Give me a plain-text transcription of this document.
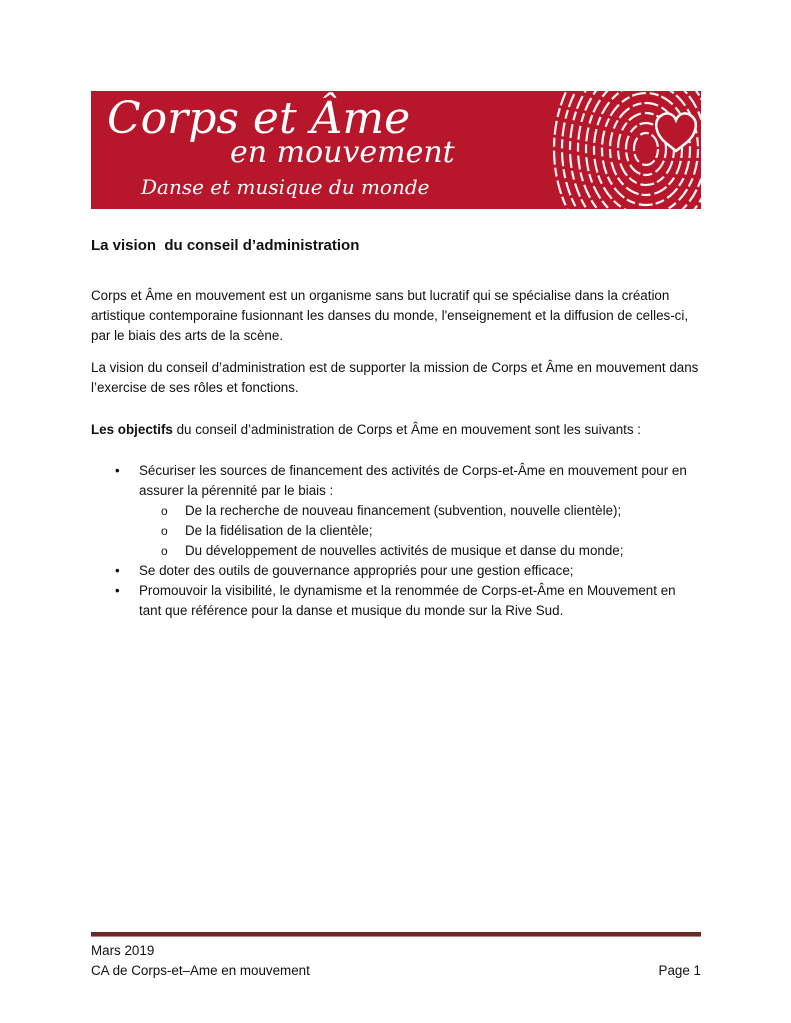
Corps et Âme
en mouvement
Danse et musique du monde
La vision  du conseil d’administration

Corps et Âme en mouvement est un organisme sans but lucratif qui se spécialise dans la création artistique contemporaine fusionnant les danses du monde, l'enseignement et la diffusion de celles-ci, par le biais des arts de la scène.

La vision du conseil d’administration est de supporter la mission de Corps et Âme en mouvement dans l’exercise de ses rôles et fonctions.

Les objectifs du conseil d’administration de Corps et Âme en mouvement sont les suivants :

• Sécuriser les sources de financement des activités de Corps-et-Âme en mouvement pour en assurer la pérennité par le biais :
o De la recherche de nouveau financement (subvention, nouvelle clientèle);
o De la fidélisation de la clientèle;
o Du développement de nouvelles activités de musique et danse du monde;
• Se doter des outils de gouvernance appropriés pour une gestion efficace;
• Promouvoir la visibilité, le dynamisme et la renommée de Corps-et-Âme en Mouvement en tant que référence pour la danse et musique du monde sur la Rive Sud.
Mars 2019
CA de Corps-et–Ame en mouvement	Page 1
